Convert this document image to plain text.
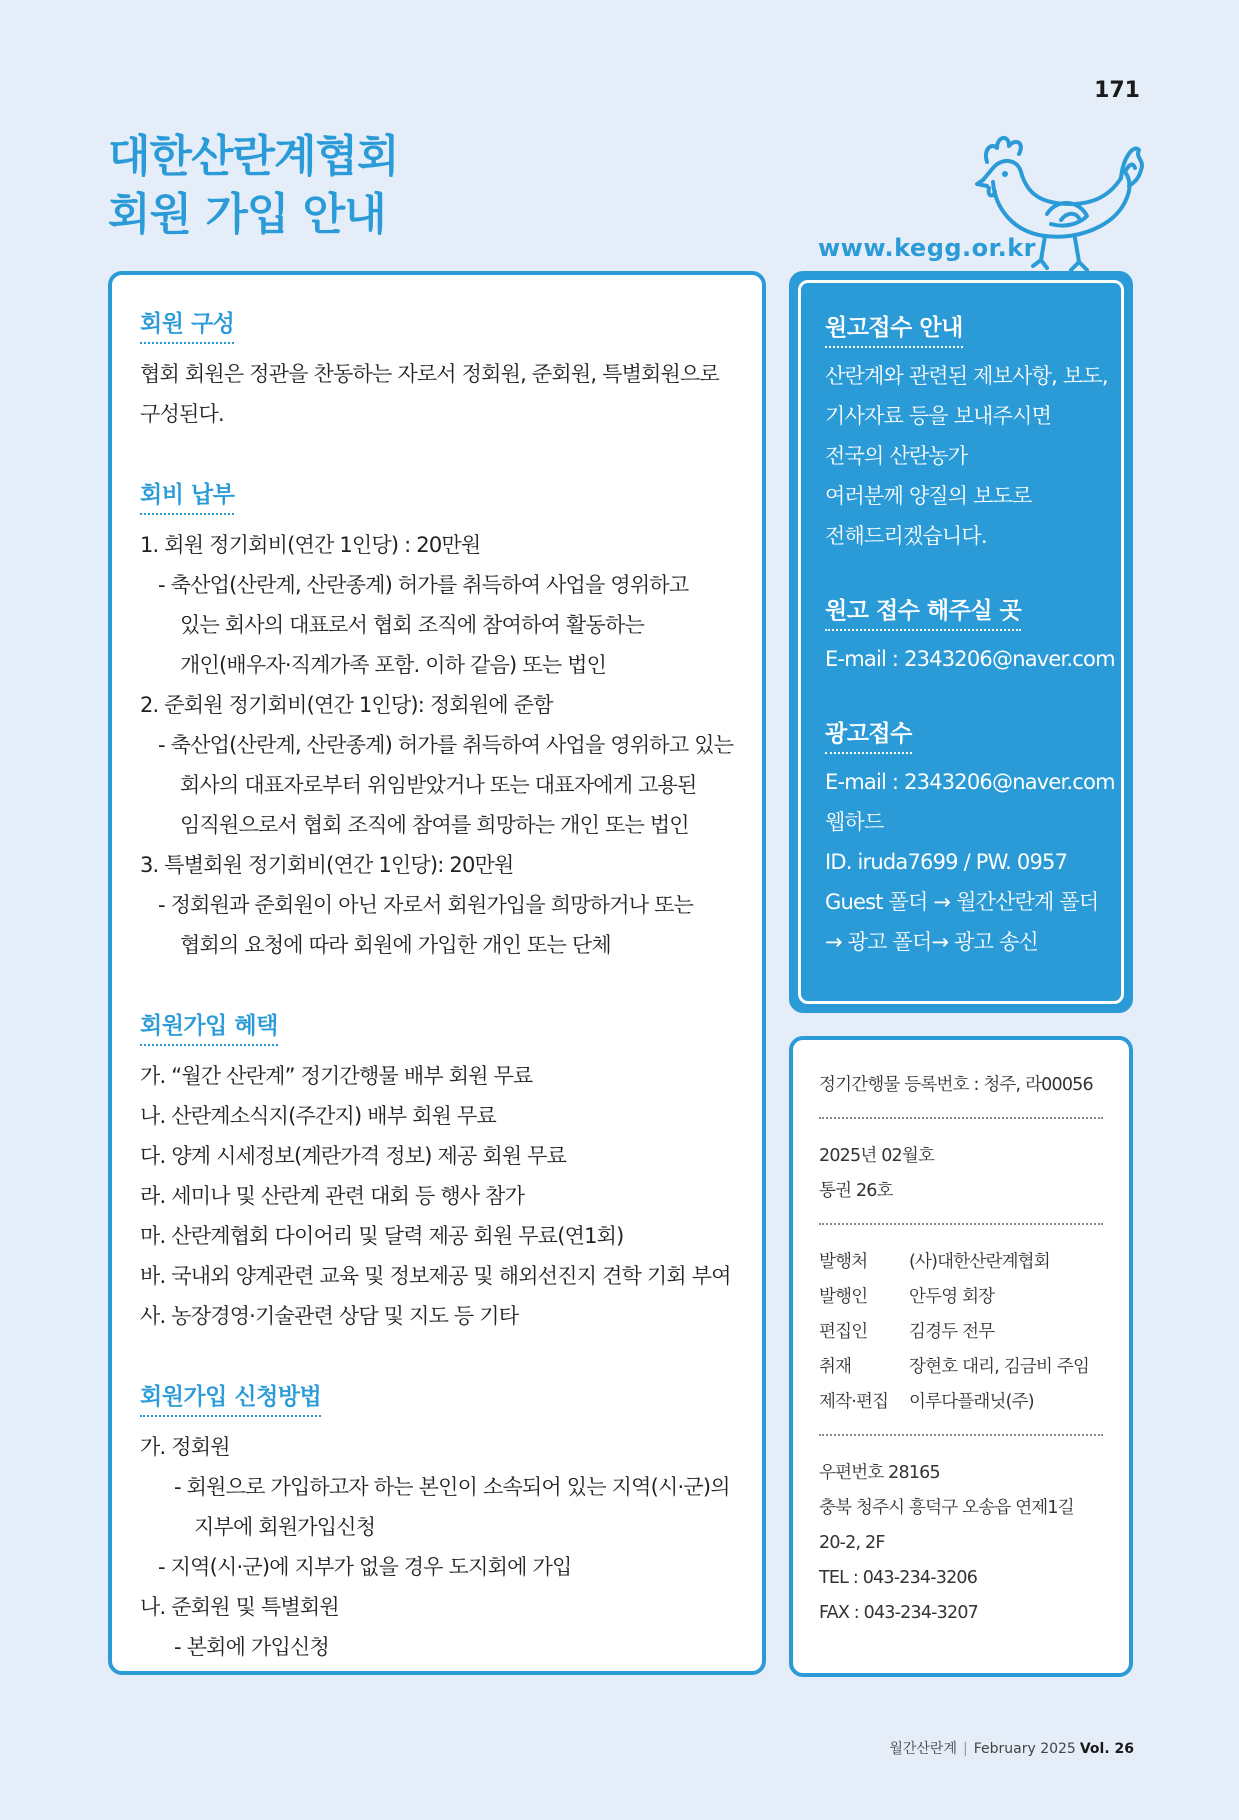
171
대한산란계협회
회원 가입 안내
www.kegg.or.kr
회원 구성
협회 회원은 정관을 찬동하는 자로서 정회원, 준회원, 특별회원으로
구성된다.
회비 납부
1. 회원 정기회비(연간 1인당) : 20만원
- 축산업(산란계, 산란종계) 허가를 취득하여 사업을 영위하고
있는 회사의 대표로서 협회 조직에 참여하여 활동하는
개인(배우자·직계가족 포함. 이하 같음) 또는 법인
2. 준회원 정기회비(연간 1인당): 정회원에 준함
- 축산업(산란계, 산란종계) 허가를 취득하여 사업을 영위하고 있는
회사의 대표자로부터 위임받았거나 또는 대표자에게 고용된
임직원으로서 협회 조직에 참여를 희망하는 개인 또는 법인
3. 특별회원 정기회비(연간 1인당): 20만원
- 정회원과 준회원이 아닌 자로서 회원가입을 희망하거나 또는
협회의 요청에 따라 회원에 가입한 개인 또는 단체
회원가입 혜택
가. “월간 산란계” 정기간행물 배부 회원 무료
나. 산란계소식지(주간지) 배부 회원 무료
다. 양계 시세정보(계란가격 정보) 제공 회원 무료
라. 세미나 및 산란계 관련 대회 등 행사 참가
마. 산란계협회 다이어리 및 달력 제공 회원 무료(연1회)
바. 국내외 양계관련 교육 및 정보제공 및 해외선진지 견학 기회 부여
사. 농장경영·기술관련 상담 및 지도 등 기타
회원가입 신청방법
가. 정회원
- 회원으로 가입하고자 하는 본인이 소속되어 있는 지역(시·군)의
지부에 회원가입신청
- 지역(시·군)에 지부가 없을 경우 도지회에 가입
나. 준회원 및 특별회원
- 본회에 가입신청
원고접수 안내
산란계와 관련된 제보사항, 보도,
기사자료 등을 보내주시면
전국의 산란농가
여러분께 양질의 보도로
전해드리겠습니다.
원고 접수 해주실 곳
E-mail : 2343206@naver.com
광고접수
E-mail : 2343206@naver.com
웹하드
ID. iruda7699 / PW. 0957
Guest 폴더 → 월간산란계 폴더
→ 광고 폴더→ 광고 송신
정기간행물 등록번호 : 청주, 라00056
2025년 02월호
통권 26호
발행처	(사)대한산란계협회
발행인	안두영 회장
편집인	김경두 전무
취재	장현호 대리, 김금비 주임
제작·편집	이루다플래닛(주)
우편번호 28165
충북 청주시 흥덕구 오송읍 연제1길
20-2, 2F
TEL : 043-234-3206
FAX : 043-234-3207
월간산란계 | February 2025 Vol. 26
